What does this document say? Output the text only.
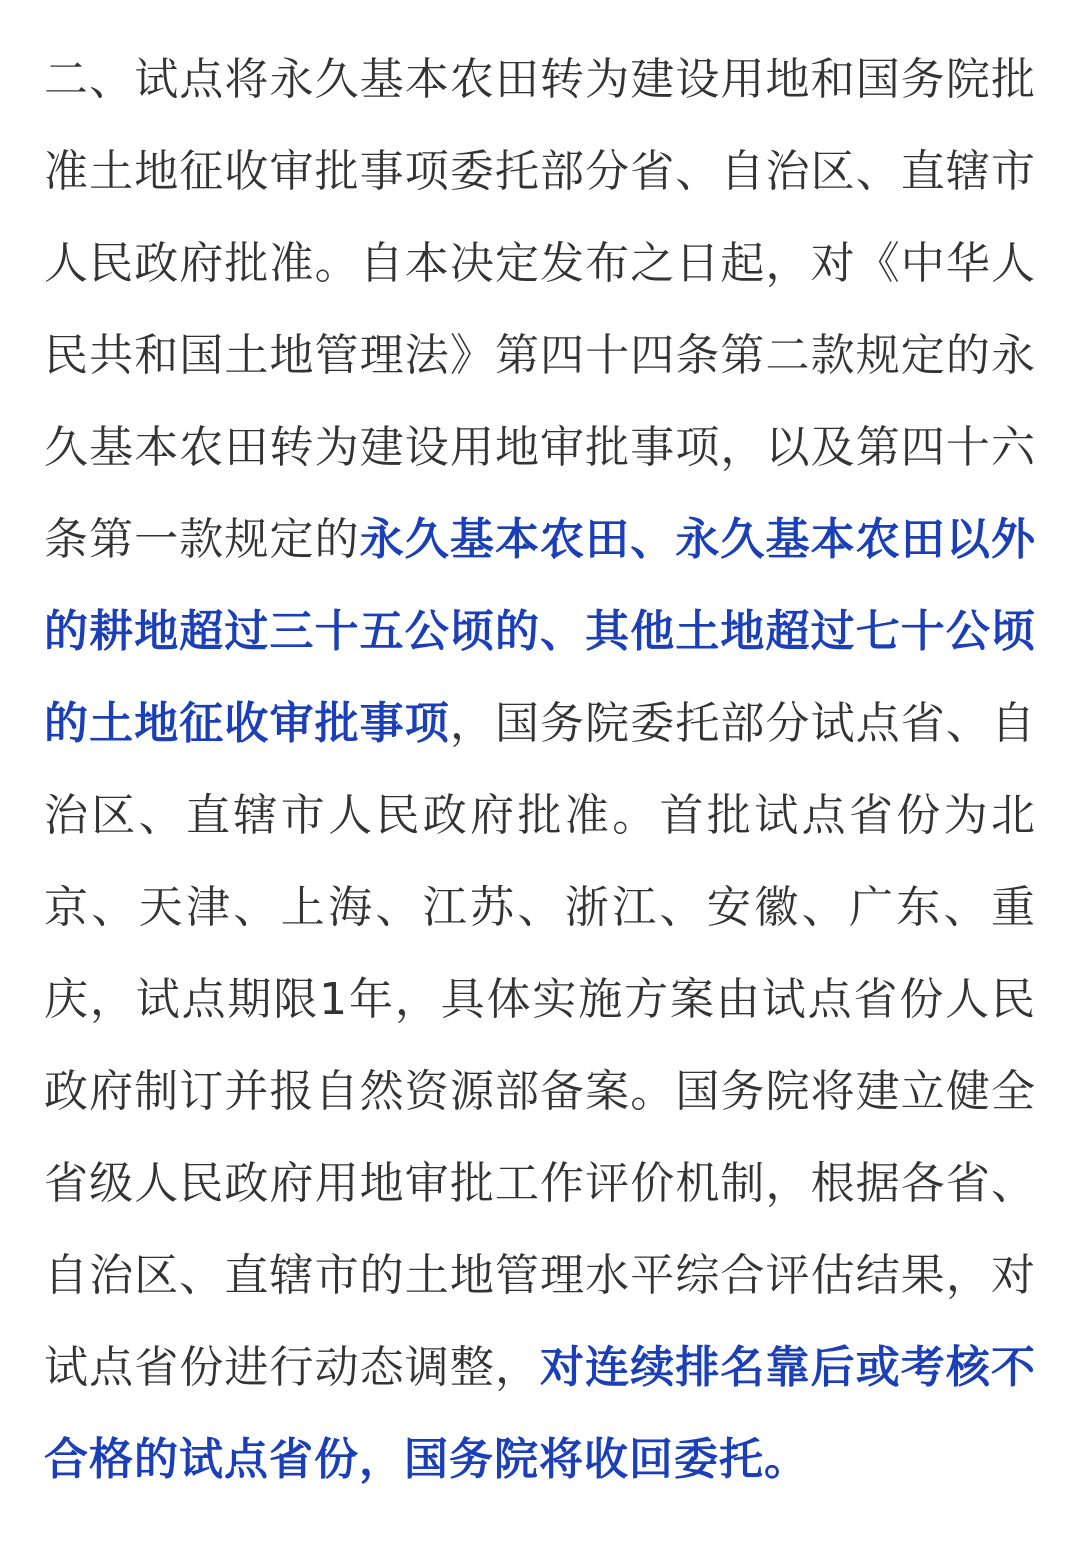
二、试点将永久基本农田转为建设用地和国务院批
准土地征收审批事项委托部分省、自治区、直辖市
人民政府批准。自本决定发布之日起，对《中华人
民共和国土地管理法》第四十四条第二款规定的永
久基本农田转为建设用地审批事项，以及第四十六
条第一款规定的永久基本农田、永久基本农田以外
的耕地超过三十五公顷的、其他土地超过七十公顷
的土地征收审批事项，国务院委托部分试点省、自
治区、直辖市人民政府批准。首批试点省份为北
京、天津、上海、江苏、浙江、安徽、广东、重
庆，试点期限1年，具体实施方案由试点省份人民
政府制订并报自然资源部备案。国务院将建立健全
省级人民政府用地审批工作评价机制，根据各省、
自治区、直辖市的土地管理水平综合评估结果，对
试点省份进行动态调整，对连续排名靠后或考核不
合格的试点省份，国务院将收回委托。
